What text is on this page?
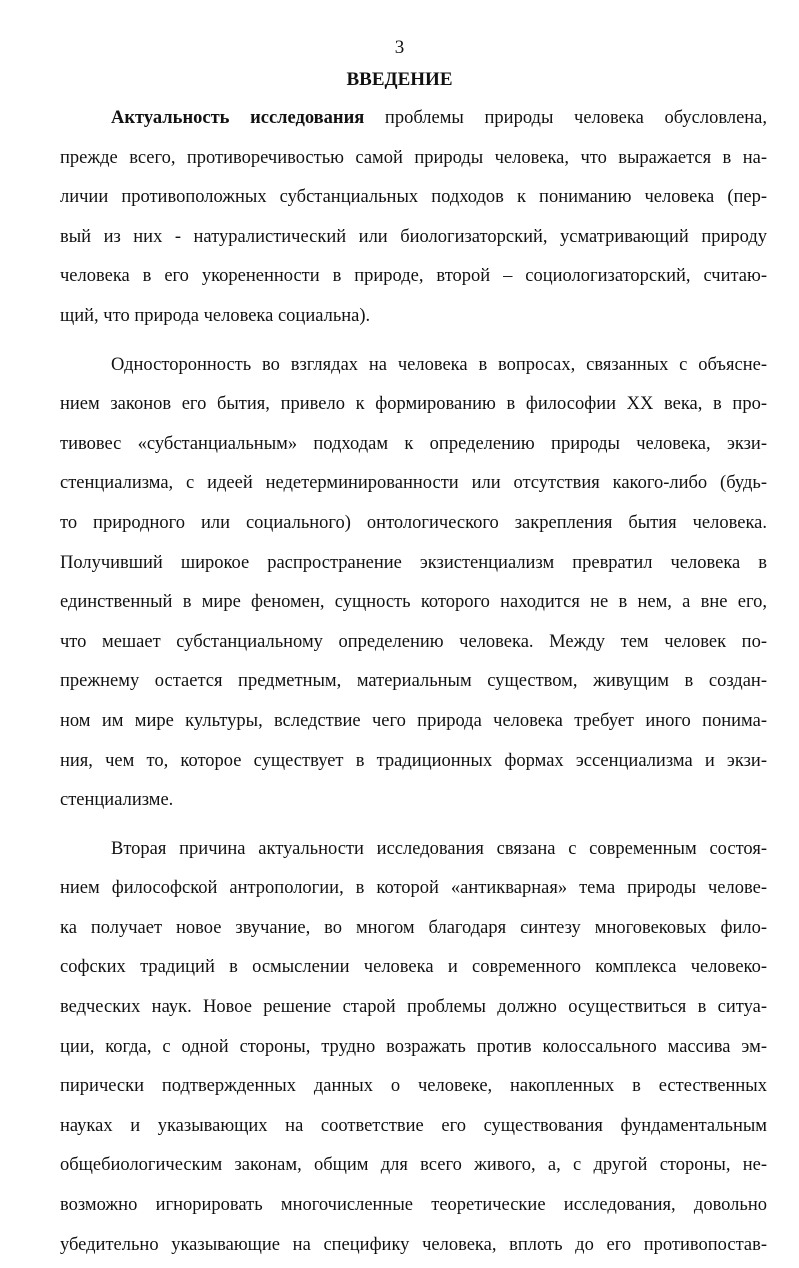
3
ВВЕДЕНИЕ
Актуальность исследования проблемы природы человека обусловлена,
прежде всего, противоречивостью самой природы человека, что выражается в на-
личии противоположных субстанциальных подходов к пониманию человека (пер-
вый из них - натуралистический или биологизаторский, усматривающий природу
человека в его укорененности в природе, второй – социологизаторский, считаю-
щий, что природа человека социальна).
Односторонность во взглядах на человека в вопросах, связанных с объясне-
нием законов его бытия, привело к формированию в философии XX века, в про-
тивовес «субстанциальным» подходам к определению природы человека, экзи-
стенциализма, с идеей недетерминированности или отсутствия какого-либо (будь-
то природного или социального) онтологического закрепления бытия человека.
Получивший широкое распространение экзистенциализм превратил человека в
единственный в мире феномен, сущность которого находится не в нем, а вне его,
что мешает субстанциальному определению человека. Между тем человек по-
прежнему остается предметным, материальным существом, живущим в создан-
ном им мире культуры, вследствие чего природа человека требует иного понима-
ния, чем то, которое существует в традиционных формах эссенциализма и экзи-
стенциализме.
Вторая причина актуальности исследования связана с современным состоя-
нием философской антропологии, в которой «антикварная» тема природы челове-
ка получает новое звучание, во многом благодаря синтезу многовековых фило-
софских традиций в осмыслении человека и современного комплекса человеко-
ведческих наук. Новое решение старой проблемы должно осуществиться в ситуа-
ции, когда, с одной стороны, трудно возражать против колоссального массива эм-
пирически подтвержденных данных о человеке, накопленных в естественных
науках и указывающих на соответствие его существования фундаментальным
общебиологическим законам, общим для всего живого, а, с другой стороны, не-
возможно игнорировать многочисленные теоретические исследования, довольно
убедительно указывающие на специфику человека, вплоть до его противопостав-
